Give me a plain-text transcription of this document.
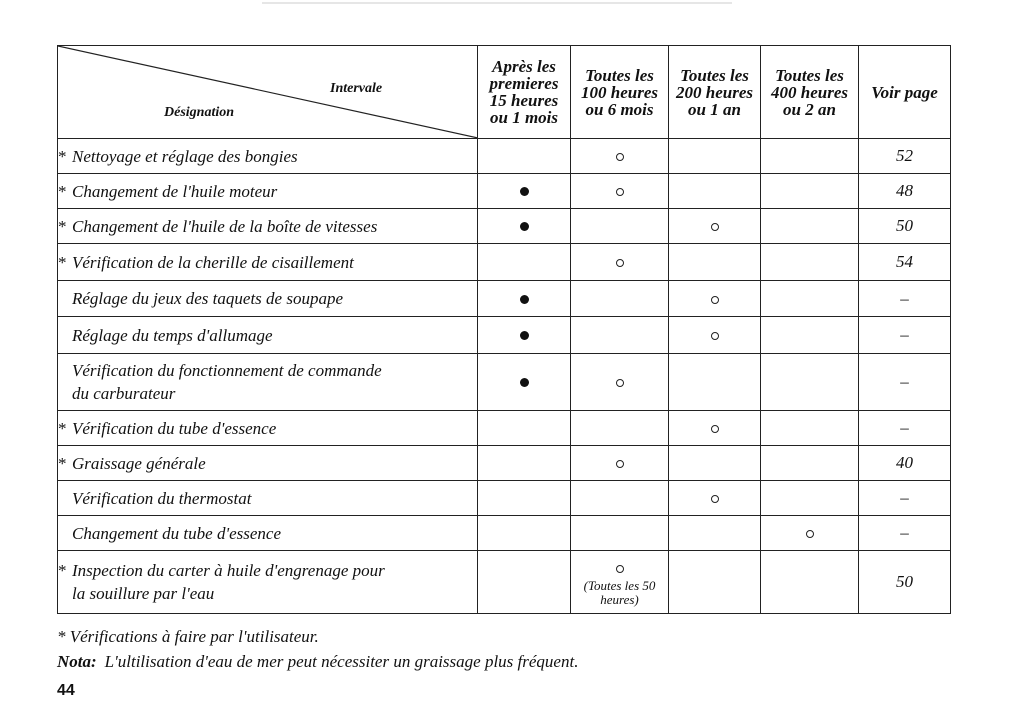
Intervale
Désignation	Après les
premieres
15 heures
ou 1 mois	Toutes les
100 heures
ou 6 mois	Toutes les
200 heures
ou 1 an	Toutes les
400 heures
ou 2 an	Voir page
* Nettoyage et réglage des bongies					52
* Changement de l'huile moteur					48
* Changement de l'huile de la boîte de vitesses					50
* Vérification de la cherille de cisaillement					54
Réglage du jeux des taquets de soupape					–
Réglage du temps d'allumage					–
Vérification du fonctionnement de commande
du carburateur					–
* Vérification du tube d'essence					–
* Graissage générale					40
Vérification du thermostat					–
Changement du tube d'essence					–
* Inspection du carter à huile d'engrenage pour
la souillure par l'eau		(Toutes les 50 heures)			50
* Vérifications à faire par l'utilisateur.
Nota: L'ultilisation d'eau de mer peut nécessiter un graissage plus fréquent.
44
